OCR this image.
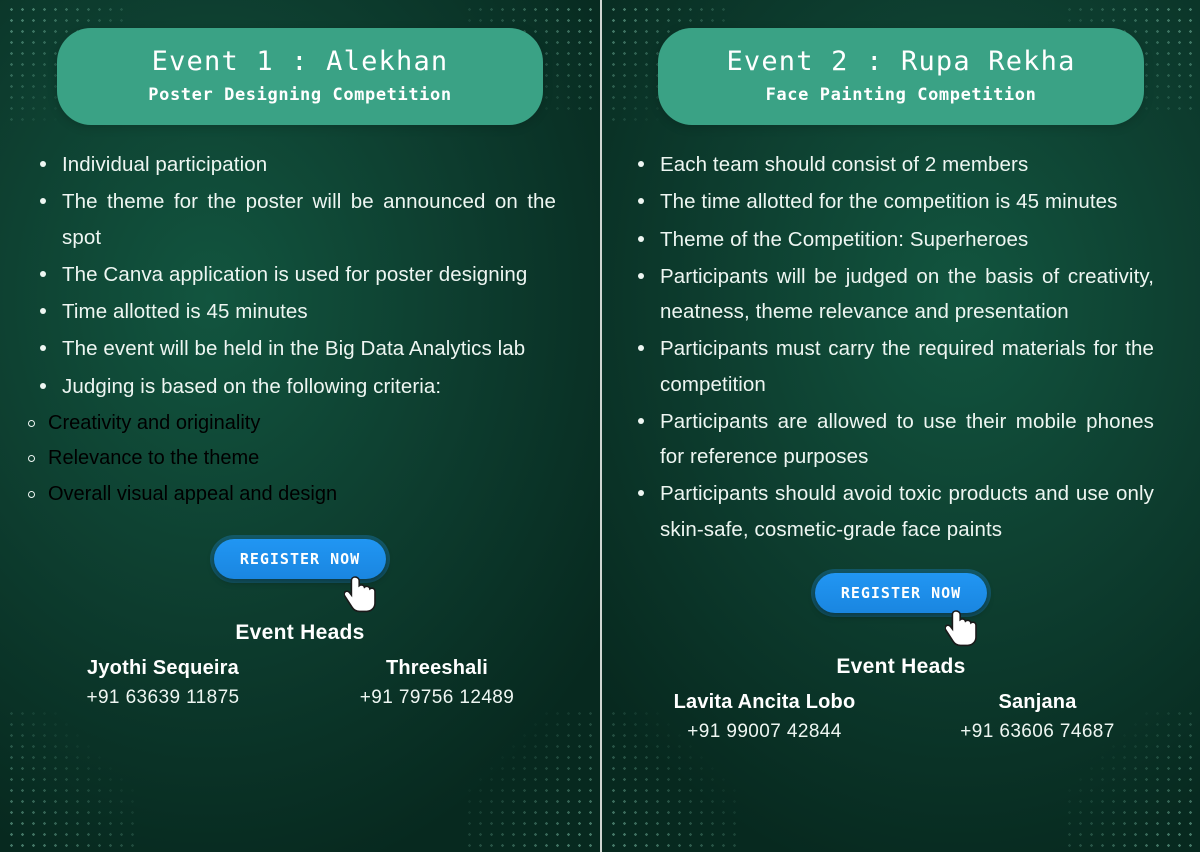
Event 1 : Alekhan
Poster Designing Competition
Individual participation
The theme for the poster will be announced on the spot
The Canva application is used for poster designing
Time allotted is 45 minutes
The event will be held in the Big Data Analytics lab
Judging is based on the following criteria:
Creativity and originality
Relevance to the theme
Overall visual appeal and design
REGISTER NOW
Event Heads
Jyothi Sequeira
+91 63639 11875
Threeshali
+91 79756 12489
Event 2 : Rupa Rekha
Face Painting Competition
Each team should consist of 2 members
The time allotted for the competition is 45 minutes
Theme of the Competition: Superheroes
Participants will be judged on the basis of creativity, neatness, theme relevance and presentation
Participants must carry the required materials for the competition
Participants are allowed to use their mobile phones for reference purposes
Participants should avoid toxic products and use only skin-safe, cosmetic-grade face paints
REGISTER NOW
Event Heads
Lavita Ancita Lobo
+91 99007 42844
Sanjana
+91 63606 74687
